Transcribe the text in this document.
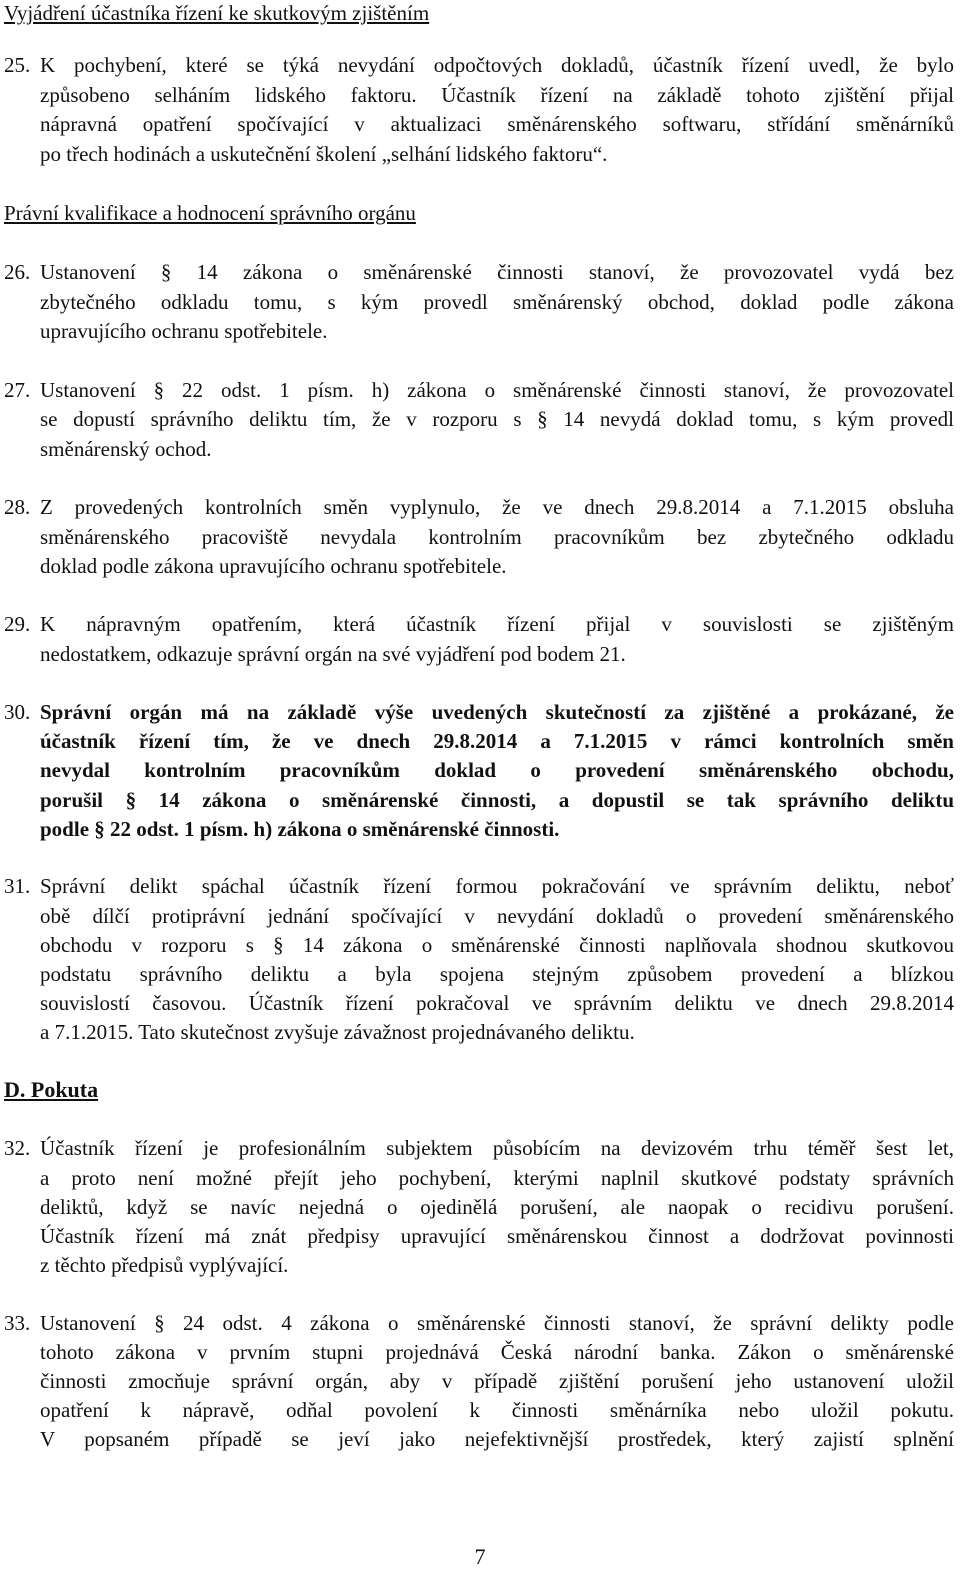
Vyjádření účastníka řízení ke skutkovým zjištěním
25. K pochybení, které se týká nevydání odpočtových dokladů, účastník řízení uvedl, že bylo
způsobeno selháním lidského faktoru. Účastník řízení na základě tohoto zjištění přijal
nápravná opatření spočívající v aktualizaci směnárenského softwaru, střídání směnárníků
po třech hodinách a uskutečnění školení „selhání lidského faktoru“.
Právní kvalifikace a hodnocení správního orgánu
26. Ustanovení § 14 zákona o směnárenské činnosti stanoví, že provozovatel vydá bez
zbytečného odkladu tomu, s kým provedl směnárenský obchod, doklad podle zákona
upravujícího ochranu spotřebitele.
27. Ustanovení § 22 odst. 1 písm. h) zákona o směnárenské činnosti stanoví, že provozovatel
se dopustí správního deliktu tím, že v rozporu s § 14 nevydá doklad tomu, s kým provedl
směnárenský ochod.
28. Z provedených kontrolních směn vyplynulo, že ve dnech 29.8.2014 a 7.1.2015 obsluha
směnárenského pracoviště nevydala kontrolním pracovníkům bez zbytečného odkladu
doklad podle zákona upravujícího ochranu spotřebitele.
29. K nápravným opatřením, která účastník řízení přijal v souvislosti se zjištěným
nedostatkem, odkazuje správní orgán na své vyjádření pod bodem 21.
30. Správní orgán má na základě výše uvedených skutečností za zjištěné a prokázané, že
účastník řízení tím, že ve dnech 29.8.2014 a 7.1.2015 v rámci kontrolních směn
nevydal kontrolním pracovníkům doklad o provedení směnárenského obchodu,
porušil § 14 zákona o směnárenské činnosti, a dopustil se tak správního deliktu
podle § 22 odst. 1 písm. h) zákona o směnárenské činnosti.
31. Správní delikt spáchal účastník řízení formou pokračování ve správním deliktu, neboť
obě dílčí protiprávní jednání spočívající v nevydání dokladů o provedení směnárenského
obchodu v rozporu s § 14 zákona o směnárenské činnosti naplňovala shodnou skutkovou
podstatu správního deliktu a byla spojena stejným způsobem provedení a blízkou
souvislostí časovou. Účastník řízení pokračoval ve správním deliktu ve dnech 29.8.2014
a 7.1.2015. Tato skutečnost zvyšuje závažnost projednávaného deliktu.
D. Pokuta
32. Účastník řízení je profesionálním subjektem působícím na devizovém trhu téměř šest let,
a proto není možné přejít jeho pochybení, kterými naplnil skutkové podstaty správních
deliktů, když se navíc nejedná o ojedinělá porušení, ale naopak o recidivu porušení.
Účastník řízení má znát předpisy upravující směnárenskou činnost a dodržovat povinnosti
z těchto předpisů vyplývající.
33. Ustanovení § 24 odst. 4 zákona o směnárenské činnosti stanoví, že správní delikty podle
tohoto zákona v prvním stupni projednává Česká národní banka. Zákon o směnárenské
činnosti zmocňuje správní orgán, aby v případě zjištění porušení jeho ustanovení uložil
opatření k nápravě, odňal povolení k činnosti směnárníka nebo uložil pokutu.
V popsaném případě se jeví jako nejefektivnější prostředek, který zajistí splnění
7
